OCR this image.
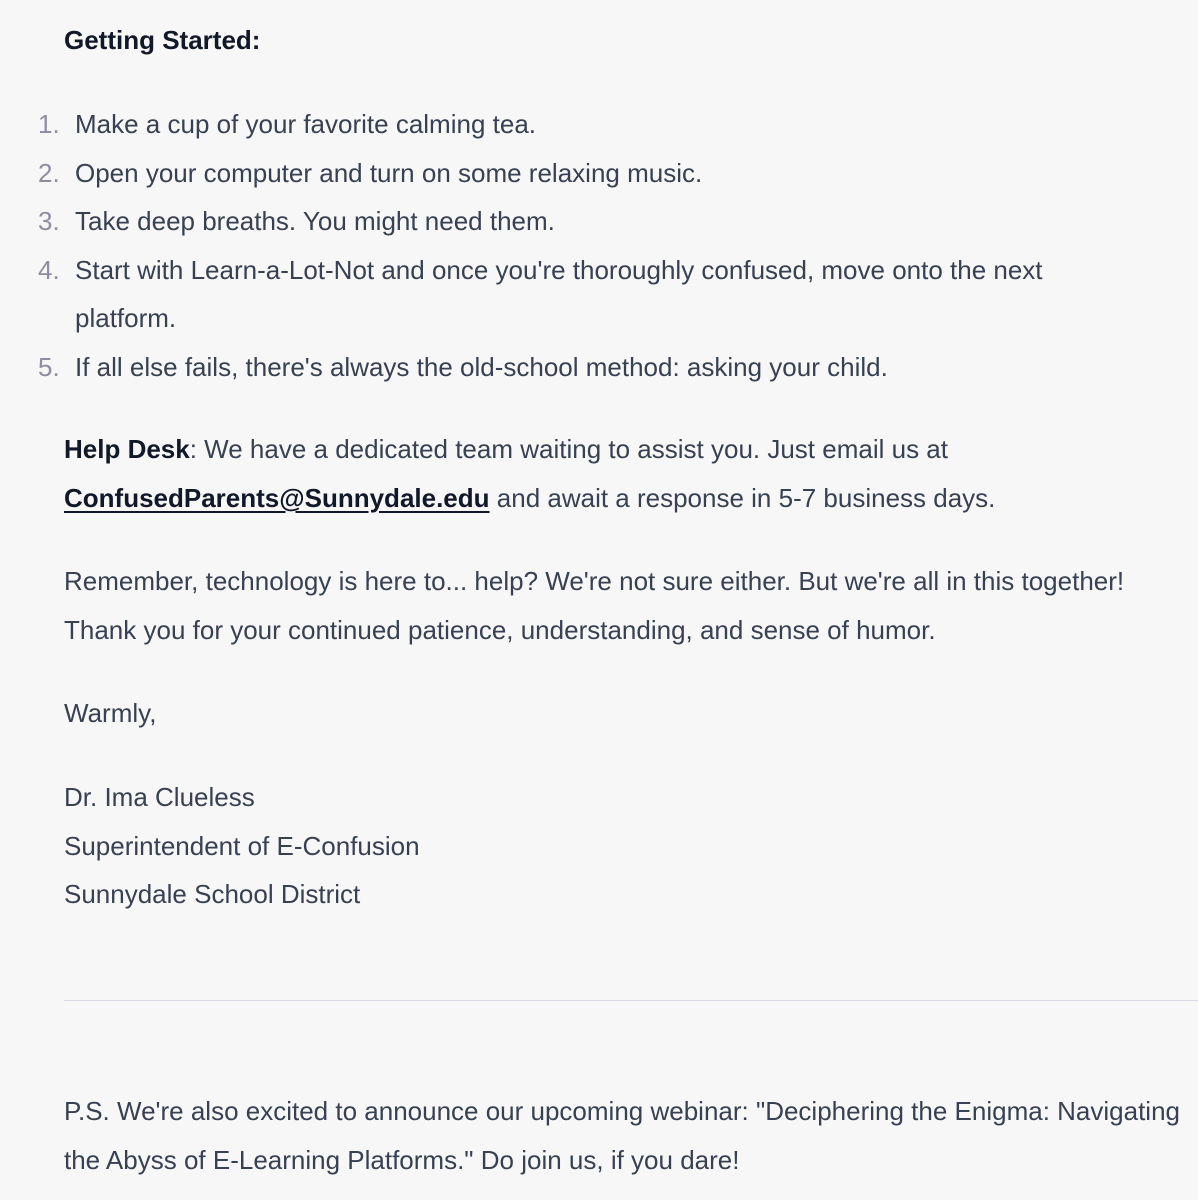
Getting Started:

1. Make a cup of your favorite calming tea.
2. Open your computer and turn on some relaxing music.
3. Take deep breaths. You might need them.
4. Start with Learn-a-Lot-Not and once you're thoroughly confused, move onto the next platform.
5. If all else fails, there's always the old-school method: asking your child.

Help Desk: We have a dedicated team waiting to assist you. Just email us at ConfusedParents@Sunnydale.edu and await a response in 5-7 business days.

Remember, technology is here to... help? We're not sure either. But we're all in this together! Thank you for your continued patience, understanding, and sense of humor.

Warmly,

Dr. Ima Clueless
Superintendent of E-Confusion
Sunnydale School District

P.S. We're also excited to announce our upcoming webinar: "Deciphering the Enigma: Navigating the Abyss of E-Learning Platforms." Do join us, if you dare!
